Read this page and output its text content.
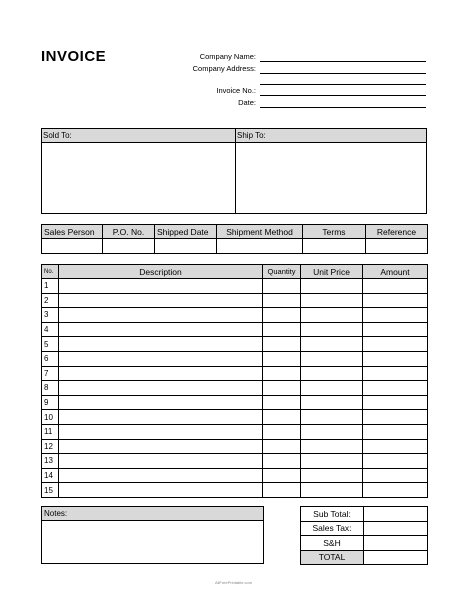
INVOICE	Company Name:
Company Address:
Invoice No.:
Date:
Sold To:	Ship To:
Sales Person	P.O. No.	Shipped Date	Shipment Method	Terms	Reference

No.	Description	Quantity	Unit Price	Amount
1				
2				
3				
4				
5				
6				
7				
8				
9				
10				
11				
12				
13				
14				
15				
Notes:	Sub Total:	
Sales Tax:	
S&H	
TOTAL	
AllFreePrintable.com
